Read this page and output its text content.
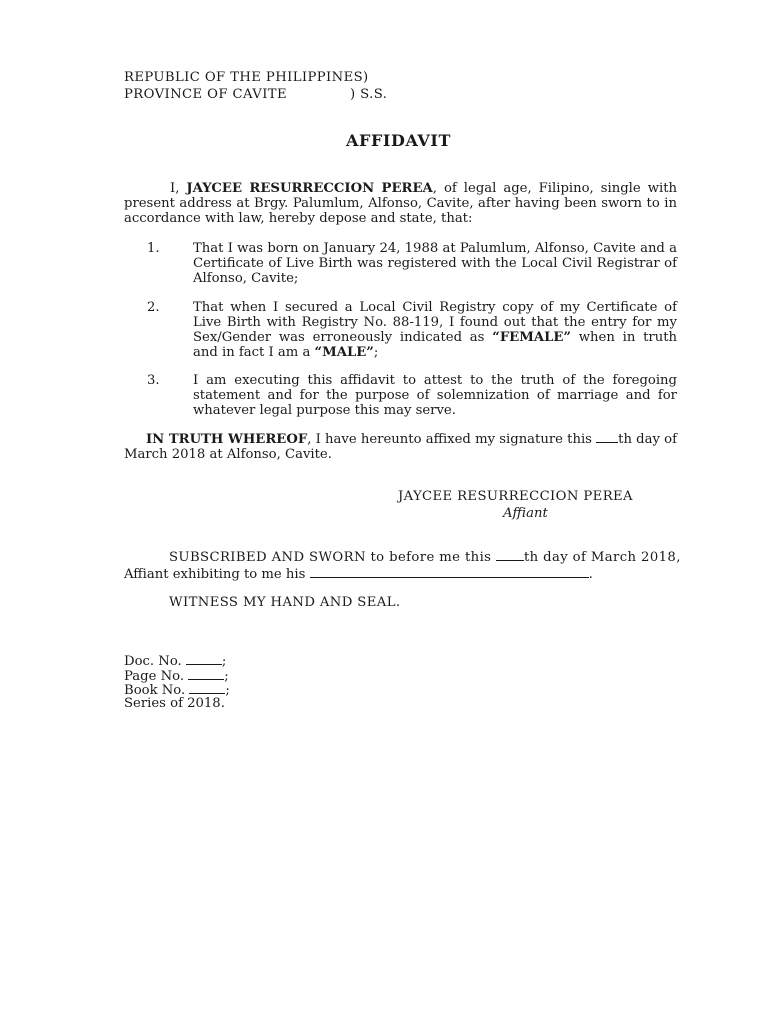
REPUBLIC OF THE PHILIPPINES)
PROVINCE OF CAVITE	) S.S.
AFFIDAVIT
I, JAYCEE RESURRECCION PEREA, of legal age, Filipino, single with present address at Brgy. Palumlum, Alfonso, Cavite, after having been sworn to in accordance with law, hereby depose and state, that:
1.	That I was born on January 24, 1988 at Palumlum, Alfonso, Cavite and a Certificate of Live Birth was registered with the Local Civil Registrar of Alfonso, Cavite;
2.	That when I secured a Local Civil Registry copy of my Certificate of Live Birth with Registry No. 88-119, I found out that the entry for my Sex/Gender was erroneously indicated as “FEMALE” when in truth and in fact I am a “MALE”;
3.	I am executing this affidavit to attest to the truth of the foregoing statement and for the purpose of solemnization of marriage and for whatever legal purpose this may serve.
IN TRUTH WHEREOF, I have hereunto affixed my signature this th day of March 2018 at Alfonso, Cavite.
JAYCEE RESURRECCION PEREA
Affiant
SUBSCRIBED AND SWORN to before me this th day of March 2018,
Affiant exhibiting to me his	.
WITNESS MY HAND AND SEAL.
Doc. No.	;
Page No.	;
Book No.	;
Series of 2018.
